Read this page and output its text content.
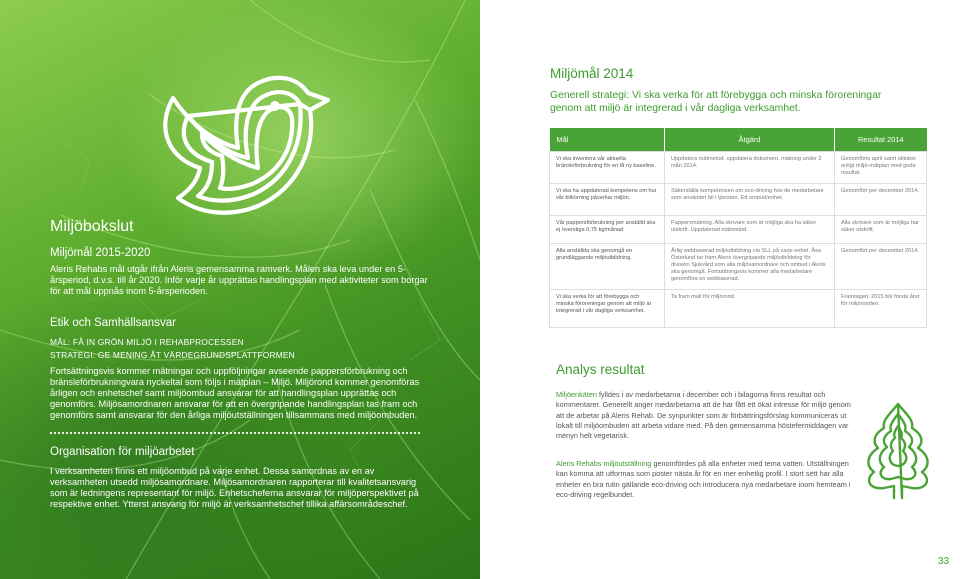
Miljöbokslut
Miljömål 2015-2020

Aleris Rehabs mål utgår ifrån Aleris gemensamma ramverk. Målen ska leva under en 5-årsperiod, d.v.s. till år 2020. Inför varje år upprättas handlingsplan med aktiviteter som borgar för att mål uppnås inom 5-årsperioden.

Etik och Samhällsansvar
MÅL: FÅ IN GRÖN MILJÖ I REHABPROCESSEN
STRATEGI: GE MENING ÅT VÄRDEGRUNDSPLATTFORMEN

Fortsättningsvis kommer mätningar och uppföljningar avseende pappersförbrukning och bränsleförbrukningvara nyckeltal som följs i mätplan – Miljö. Miljörond kommer genomföras årligen och enhetschef samt miljöombud ansvarar för att handlingsplan upprättas och genomförs. Miljösamordnaren ansvarar för att en övergripande handlingsplan tas fram och genomförs samt ansvarar för den årliga miljöutställningen tillsammans med miljöombuden.

Organisation för miljöarbetet

I verksamheten finns ett miljöombud på varje enhet. Dessa samordnas av en av verksamheten utsedd miljösamordnare. Miljösamordnaren rapporterar till kvalitetsansvarig som är ledningens representant för miljö. Enhetscheferna ansvarar för miljöperspektivet på respektive enhet. Ytterst ansvarig för miljö är verksamhetschef tillika affärsområdeschef.

Miljömål 2014

Generell strategi: Vi ska verka för att förebygga och minska föroreningar genom att miljö är integrerad i vår dagliga verksamhet.

Mål	Åtgärd	Resultat 2014
Vi ska inventera vår aktuella bränsleförbrukning för en få ny baseline.	Uppdatera mätmetod, uppdatera dokument, mätning under 2 mån 2014.	Genomförts april samt oktober enligt miljö-mätplan med goda resultat.
Vi ska ha uppdaterad kompetens om hur vår bilkörning påverkar miljön.	Säkerställa kompetensen om eco-driving hos de medarbetare som använder bil i tjänsten. Ett ombud/enhet.	Genomfört per december 2014.
Vår pappersförbrukning per anställd ska ej överstiga 0,75 kg/månad.	Pappersmätning. Alla skrivare som är möjliga ska ha säker utskrift. Uppdaterad mätmetod.	Alla skrivare som är möjliga har säker utskrift.
Alla anställda ska genomgå en grundläggande miljöutbildning.	Årlig webbaserad miljöutbildning via SLL på varje enhet. Åsa Österlund tar fram Aleris övergripande miljöutbildning för division Sjukvård som alla miljösamordnare och ombud i Aleris ska genomgå. Fortsättningsvis kommer alla medarbetare genomföra en webbaserad.	Genomfört per december 2014.
Vi ska verka för att förebygga och minska föroreningar genom att miljö är integrerad i vår dagliga verksamhet.	Ta fram mall för miljörond.	Framtagen: 2015 blir första året för miljöronden.
Analys resultat

Miljöenkäten fylldes i av medarbetarna i december och i bilagorna finns resultat och kommentarer. Generellt anger medarbetarna att de har fått ett ökat intresse för miljö genom att de arbetar på Aleris Rehab. De synpunkter som är förbättringsförslag kommuniceras ut lokalt till miljöombuden att arbeta vidare med. På den gemensamma höstefermiddagen var menyn helt vegetarisk.

Aleris Rehabs miljöutställning genomfördes på alla enheter med tema vatten. Utställningen kan komma att utformas som poster nästa år för en mer enhetlig profil. I stort sett har alla enheter en bra rutin gällande eco-driving och introducera nya medarbetare inom hemteam i eco-driving regelbundet.

33
